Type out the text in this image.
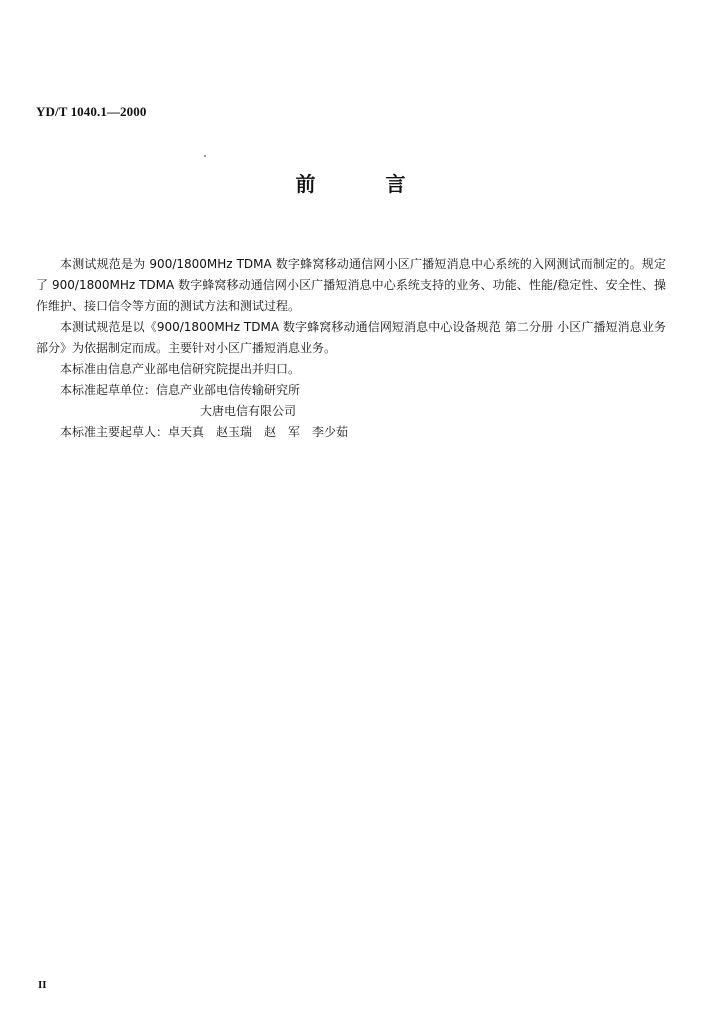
YD/T 1040.1—2000
前	言

本测试规范是为 900/1800MHz TDMA 数字蜂窝移动通信网小区广播短消息中心系统的入网测试而制定的。规定了 900/1800MHz TDMA 数字蜂窝移动通信网小区广播短消息中心系统支持的业务、功能、性能/稳定性、安全性、操作维护、接口信令等方面的测试方法和测试过程。

本测试规范是以《900/1800MHz TDMA 数字蜂窝移动通信网短消息中心设备规范 第二分册 小区广播短消息业务部分》为依据制定而成。主要针对小区广播短消息业务。

本标准由信息产业部电信研究院提出并归口。

本标准起草单位：信息产业部电信传输研究所

大唐电信有限公司

本标准主要起草人：卓天真　赵玉瑞　赵　军　李少茹

II
